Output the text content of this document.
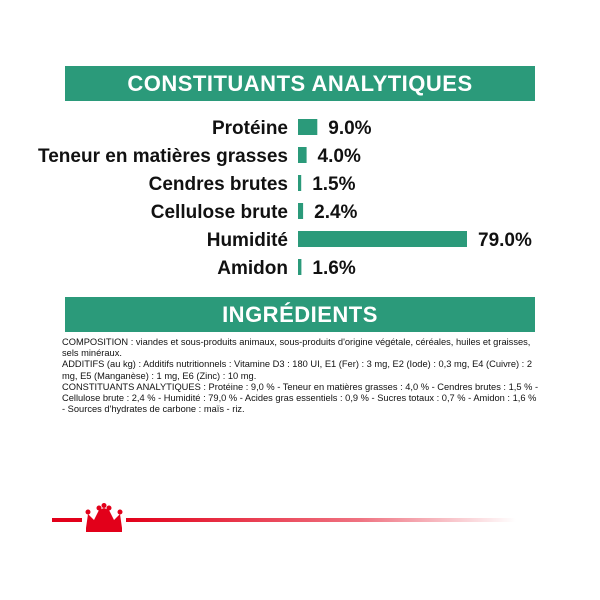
CONSTITUANTS ANALYTIQUES
Protéine 9.0%
Teneur en matières grasses 4.0%
Cendres brutes 1.5%
Cellulose brute 2.4%
Humidité	79.0%
Amidon 1.6%
INGRÉDIENTS

COMPOSITION : viandes et sous-produits animaux, sous-produits d'origine végétale, céréales, huiles et graisses, sels minéraux.

ADDITIFS (au kg) : Additifs nutritionnels : Vitamine D3 : 180 UI, E1 (Fer) : 3 mg, E2 (Iode) : 0,3 mg, E4 (Cuivre) : 2 mg, E5 (Manganèse) : 1 mg, E6 (Zinc) : 10 mg.

CONSTITUANTS ANALYTIQUES : Protéine : 9,0 % - Teneur en matières grasses : 4,0 % - Cendres brutes : 1,5 % - Cellulose brute : 2,4 % - Humidité : 79,0 % - Acides gras essentiels : 0,9 % - Sucres totaux : 0,7 % - Amidon : 1,6 % - Sources d'hydrates de carbone : maïs - riz.
